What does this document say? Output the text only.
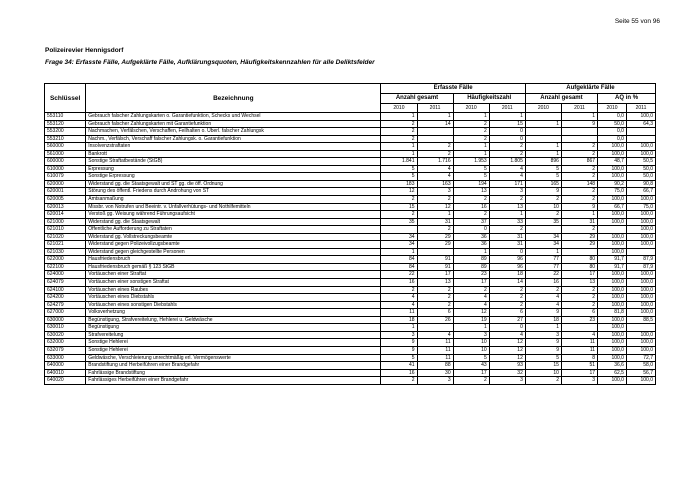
Seite 55 von 96
Polizeirevier Hennigsdorf
Frage 34: Erfasste Fälle, Aufgeklärte Fälle, Aufklärungsquoten, Häufigkeitskennzahlen für alle Deliktsfelder
Schlüssel	Bezeichnung	Erfasste Fälle				Aufgeklärte Fälle			
		Anzahl gesamt		Häufigkeitszahl		Anzahl gesamt		AQ in %	
		2010	2011	2010	2011	2010	2011	2010	2011
553110	Gebrauch falscher Zahlungskarten o. Garantiefunktion, Schecks und Wechsel	1	1	1	1		1	0,0	100,0
553120	Gebrauch falscher Zahlungskarten mit Garantiefunktion	2	14	2	15	1	9	50,0	64,3
553200	Nachmachen, Verfälschen, Verschaffen, Feilhalten o. Überl. falscher Zahlungsk	2		2	0			0,0	
553210	Nachm., Verfälsch, Verschaff falscher Zahlungsk. o. Garantiefunktion	2		2	0			0,0	
560000	Insolvenzstraftaten	1	2	1	2	1	2	100,0	100,0
561000	Bankrott	1	2	1	2	1	2	100,0	100,0
600000	Sonstige Straftatbestände (StGB)	1.841	1.716	1.953	1.805	896	867	48,7	50,5
610000	Erpressung	5	4	5	4	5	2	100,0	50,0
610079	Sonstige Erpressung	5	4	5	4	5	2	100,0	50,0
620000	Widerstand gg. die Staatsgewalt und ST gg. die öff. Ordnung	183	163	194	171	165	148	90,2	90,8
620001	Störung des öffentl. Friedens durch Androhung von ST	12	3	13	3	9	2	75,0	66,7
620005	Amtsanmaßung	2	2	2	2	2	2	100,0	100,0
620013	Missbr. von Notrufen und Beeintr. v. Unfallverhütungs- und Nothilfemitteln	15	12	16	13	10	9	66,7	75,0
620014	Verstoß gg. Weisung während Führungsaufsicht	2	1	2	1	2	1	100,0	100,0
621000	Widerstand gg. die Staatsgewalt	35	31	37	33	35	31	100,0	100,0
621010	Öffentliche Aufforderung zu Straftaten		2	0	2		2		100,0
621020	Widerstand gg. Vollstreckungsbeamte	34	29	36	31	34	29	100,0	100,0
621021	Widerstand gegen Polizeivollzugsbeamte	34	29	36	31	34	29	100,0	100,0
621030	Widerstand gegen gleichgestellte Personen	1		1	0	1		100,0	
622000	Hausfriedensbruch	84	91	89	96	77	80	91,7	87,9
622100	Hausfriedensbruch gemäß § 123 StGB	84	91	89	96	77	80	91,7	87,9
624000	Vortäuschen einer Straftat	22	17	23	18	22	17	100,0	100,0
624079	Vortäuschen einer sonstigen Straftat	16	13	17	14	16	13	100,0	100,0
624100	Vortäuschen eines Raubes	2	2	2	2	2	2	100,0	100,0
624200	Vortäuschen eines Diebstahls	4	2	4	2	4	2	100,0	100,0
624279	Vortäuschen eines sonstigen Diebstahls	4	2	4	2	4	2	100,0	100,0
627000	Volksverhetzung	11	6	12	6	9	6	81,8	100,0
630000	Begünstigung, Strafvereitelung, Hehlerei u. Geldwäsche	18	26	19	27	18	23	100,0	88,5
630010	Begünstigung	1		1	0	1		100,0	
630020	Strafvereitelung	3	4	3	4	3	4	100,0	100,0
632000	Sonstige Hehlerei	9	11	10	12	9	11	100,0	100,0
632079	Sonstige Hehlerei	9	11	10	12	9	11	100,0	100,0
633000	Geldwäsche, Verschleierung unrechtmäßig erl. Vermögenswerte	5	11	5	12	5	8	100,0	72,7
640000	Brandstiftung und Herbeiführen einer Brandgefahr	41	88	43	93	15	51	36,6	58,0
640010	Fahrlässige Brandstiftung	16	30	17	32	10	17	62,5	56,7
640020	Fahrlässiges Herbeiführen einer Brandgefahr	2	3	2	3	2	3	100,0	100,0
